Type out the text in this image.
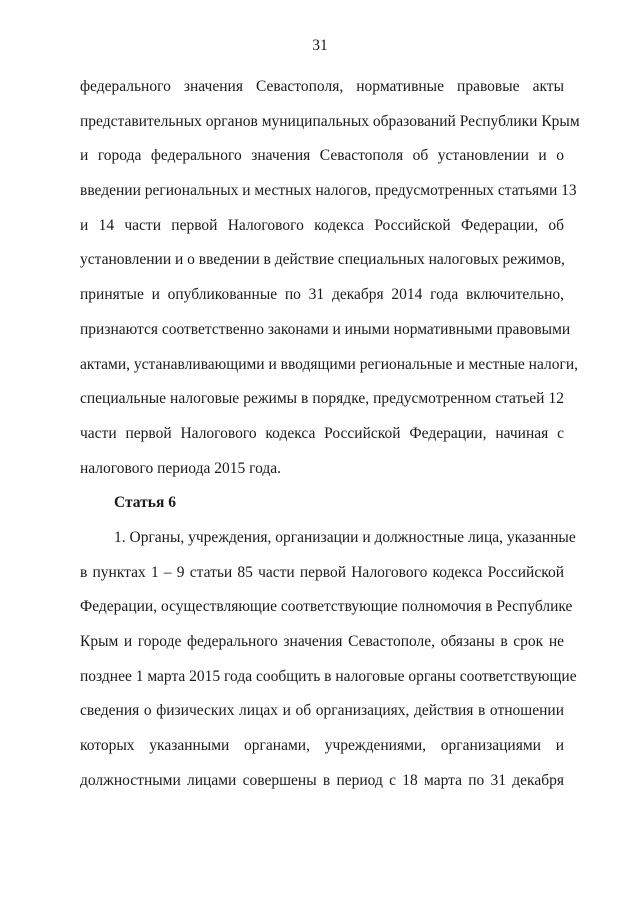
31
федерального значения Севастополя, нормативные правовые акты
представительных органов муниципальных образований Республики Крым
и города федерального значения Севастополя об установлении и о
введении региональных и местных налогов, предусмотренных статьями 13
и 14 части первой Налогового кодекса Российской Федерации, об
установлении и о введении в действие специальных налоговых режимов,
принятые и опубликованные по 31 декабря 2014 года включительно,
признаются соответственно законами и иными нормативными правовыми
актами, устанавливающими и вводящими региональные и местные налоги,
специальные налоговые режимы в порядке, предусмотренном статьей 12
части первой Налогового кодекса Российской Федерации, начиная с
налогового периода 2015 года.
Статья 6
1. Органы, учреждения, организации и должностные лица, указанные
в пунктах 1 – 9 статьи 85 части первой Налогового кодекса Российской
Федерации, осуществляющие соответствующие полномочия в Республике
Крым и городе федерального значения Севастополе, обязаны в срок не
позднее 1 марта 2015 года сообщить в налоговые органы соответствующие
сведения о физических лицах и об организациях, действия в отношении
которых указанными органами, учреждениями, организациями и
должностными лицами совершены в период с 18 марта по 31 декабря
